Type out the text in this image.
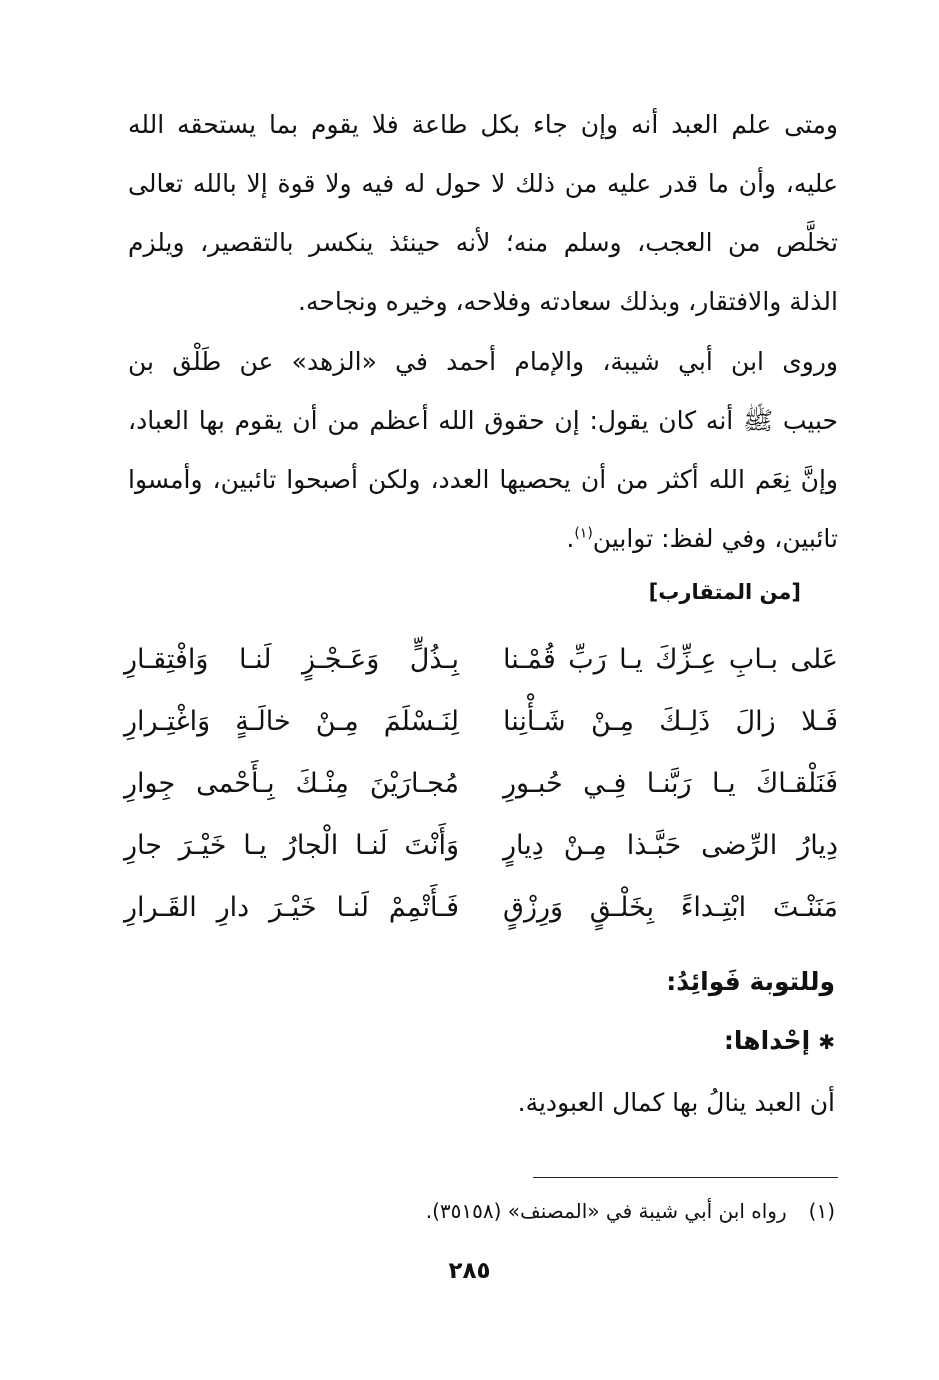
ومتى علم العبد أنه وإن جاء بكل طاعة فلا يقوم بما يستحقه الله
عليه، وأن ما قدر عليه من ذلك لا حول له فيه ولا قوة إلا بالله تعالى
تخلَّص من العجب، وسلم منه؛ لأنه حينئذ ينكسر بالتقصير، ويلزم
الذلة والافتقار، وبذلك سعادته وفلاحه، وخيره ونجاحه.
وروى ابن أبي شيبة، والإمام أحمد في «الزهد» عن طَلْق بن
حبيب ﷺ أنه كان يقول: إن حقوق الله أعظم من أن يقوم بها العباد،
وإنَّ نِعَم الله أكثر من أن يحصيها العدد، ولكن أصبحوا تائبين، وأمسوا
تائبين، وفي لفظ: توابين$^{(١)}$.
[من المتقارب]
عَلى بـابِ عِـزِّكَ يـا رَبِّ قُمْـنا
بِـذُلٍّ وَعَـجْـزٍ لَنـا وَافْتِقـارِ
فَـلا زالَ ذَلِـكَ مِـنْ شَـأْنِنا
لِنَـسْلَمَ مِـنْ خالَـةٍ وَاغْتِـرارِ
فَنَلْقـاكَ يـا رَبَّنـا فِـي حُبـورِ
مُجـارَيْنَ مِنْـكَ بِـأَحْمى جِوارِ
دِيارُ الرِّضى حَبَّـذا مِـنْ دِيارٍ
وَأَنْتَ لَنـا الْجارُ يـا خَيْـرَ جارِ
مَنَنْـتَ ابْتِـداءً بِخَلْـقٍ وَرِزْقٍ
فَـأَتْمِمْ لَنـا خَيْـرَ دارِ القَـرارِ
وللتوبة فَوائِدُ:
✱إحْداها:
أن العبد ينالُ بها كمال العبودية.
(١)رواه ابن أبي شيبة في «المصنف» (٣٥١٥٨).
٢٨٥
